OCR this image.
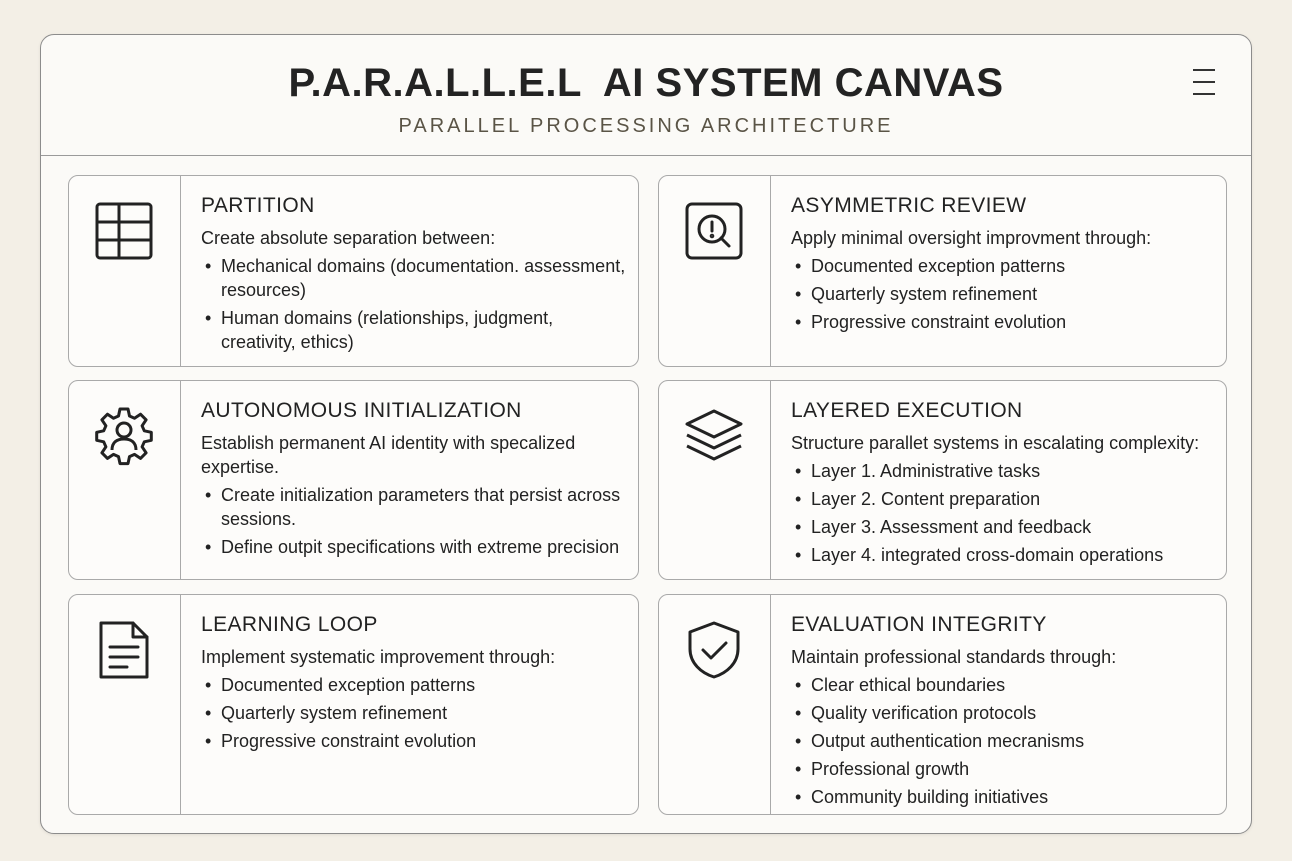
P.A.R.A.L.L.E.L  AI SYSTEM CANVAS
PARALLEL PROCESSING ARCHITECTURE
PARTITION
Create absolute separation between:
• Mechanical domains (documentation. assessment, resources)
• Human domains (relationships, judgment, creativity, ethics)
ASYMMETRIC REVIEW
Apply minimal oversight improvment through:
• Documented exception patterns
• Quarterly system refinement
• Progressive constraint evolution
AUTONOMOUS INITIALIZATION
Establish permanent AI identity with specalized expertise.
• Create initialization parameters that persist across sessions.
• Define outpit specifications with extreme precision
LAYERED EXECUTION
Structure parallet systems in escalating complexity:
• Layer 1. Administrative tasks
• Layer 2. Content preparation
• Layer 3. Assessment and feedback
• Layer 4. integrated cross-domain operations
LEARNING LOOP
Implement systematic improvement through:
• Documented exception patterns
• Quarterly system refinement
• Progressive constraint evolution
EVALUATION INTEGRITY
Maintain professional standards through:
• Clear ethical boundaries
• Quality verification protocols
• Output authentication mecranisms
• Professional growth
• Community building initiatives
